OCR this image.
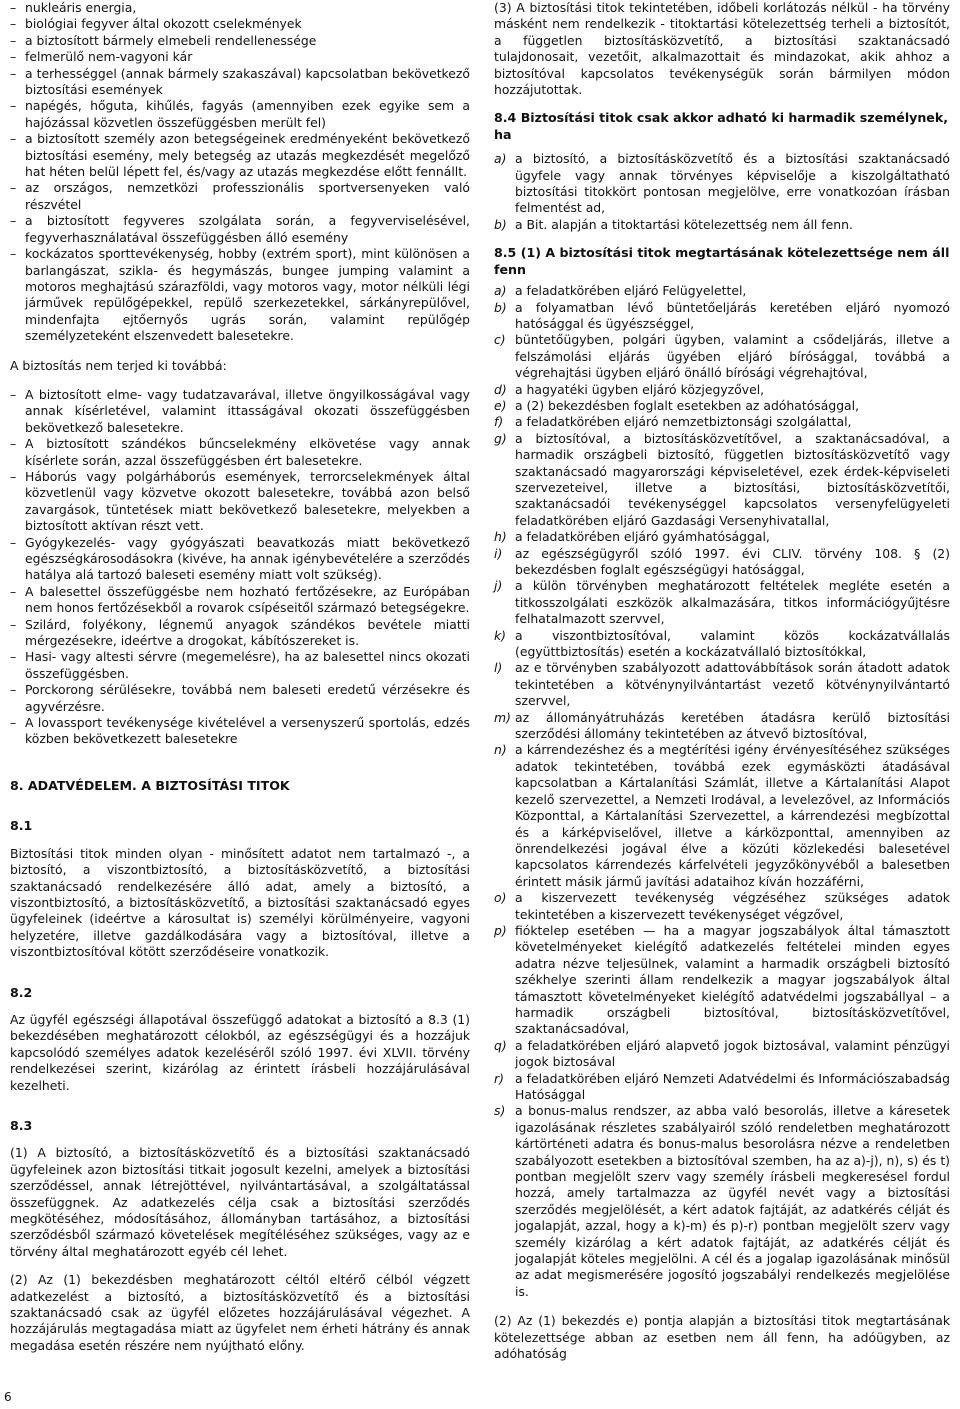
– nukleáris energia,

– biológiai fegyver által okozott cselekmények

– a biztosított bármely elmebeli rendellenessége

– felmerülő nem-vagyoni kár

– a terhességgel (annak bármely szakaszával) kapcsolatban bekövetkező biztosítási események

– napégés, hőguta, kihűlés, fagyás (amennyiben ezek egyike sem a hajózással közvetlen összefüggésben merült fel)

– a biztosított személy azon betegségeinek eredményeként bekövetkező biztosítási esemény, mely betegség az utazás megkezdését megelőző hat héten belül lépett fel, és/vagy az utazás megkezdése előtt fennállt.

– az országos, nemzetközi professzionális sportversenyeken való részvétel

– a biztosított fegyveres szolgálata során, a fegyverviselésével, fegyverhasználatával összefüggésben álló esemény

– kockázatos sporttevékenység, hobby (extrém sport), mint különösen a barlangászat, szikla- és hegymászás, bungee jumping valamint a motoros meghajtású szárazföldi, vagy motoros vagy, motor nélküli légi járművek repülőgépekkel, repülő szerkezetekkel, sárkányrepülővel, mindenfajta ejtőernyős ugrás során, valamint repülőgép személyzeteként elszenvedett balesetekre.

A biztosítás nem terjed ki továbbá:

– A biztosított elme- vagy tudatzavarával, illetve öngyilkosságával vagy annak kísérletével, valamint ittasságával okozati összefüggésben bekövetkező balesetekre.

– A biztosított szándékos bűncselekmény elkövetése vagy annak kísérlete során, azzal összefüggésben ért balesetekre.

– Háborús vagy polgárháborús események, terrorcselekmények által közvetlenül vagy közvetve okozott balesetekre, továbbá azon belső zavargások, tüntetések miatt bekövetkező balesetekre, melyekben a biztosított aktívan részt vett.

– Gyógykezelés- vagy gyógyászati beavatkozás miatt bekövetkező egészségkárosodásokra (kivéve, ha annak igénybevételére a szerződés hatálya alá tartozó baleseti esemény miatt volt szükség).

– A balesettel összefüggésbe nem hozható fertőzésekre, az Európában nem honos fertőzésekből a rovarok csípéseitől származó betegségekre.

– Szilárd, folyékony, légnemű anyagok szándékos bevétele miatti mérgezésekre, ideértve a drogokat, kábítószereket is.

– Hasi- vagy altesti sérvre (megemelésre), ha az balesettel nincs okozati összefüggésben.

– Porckorong sérülésekre, továbbá nem baleseti eredetű vérzésekre és agyvérzésre.

– A lovassport tevékenysége kivételével a versenyszerű sportolás, edzés közben bekövetkezett balesetekre

8. ADATVÉDELEM. A BIZTOSÍTÁSI TITOK
8.1

Biztosítási titok minden olyan - minősített adatot nem tartalmazó -, a biztosító, a viszontbiztosító, a biztosításközvetítő, a biztosítási szaktanácsadó rendelkezésére álló adat, amely a biztosító, a viszontbiztosító, a biztosításközvetítő, a biztosítási szaktanácsadó egyes ügyfeleinek (ideértve a károsultat is) személyi körülményeire, vagyoni helyzetére, illetve gazdálkodására vagy a biztosítóval, illetve a viszontbiztosítóval kötött szerződéseire vonatkozik.

8.2

Az ügyfél egészségi állapotával összefüggő adatokat a biztosító a 8.3 (1) bekezdésében meghatározott célokból, az egészségügyi és a hozzájuk kapcsolódó személyes adatok kezeléséről szóló 1997. évi XLVII. törvény rendelkezései szerint, kizárólag az érintett írásbeli hozzájárulásával kezelheti.

8.3

(1) A biztosító, a biztosításközvetítő és a biztosítási szaktanácsadó ügyfeleinek azon biztosítási titkait jogosult kezelni, amelyek a biztosítási szerződéssel, annak létrejöttével, nyilvántartásával, a szolgáltatással összefüggnek. Az adatkezelés célja csak a biztosítási szerződés megkötéséhez, módosításához, állományban tartásához, a biztosítási szerződésből származó követelések megítéléséhez szükséges, vagy az e törvény által meghatározott egyéb cél lehet.

(2) Az (1) bekezdésben meghatározott céltól eltérő célból végzett adatkezelést a biztosító, a biztosításközvetítő és a biztosítási szaktanácsadó csak az ügyfél előzetes hozzájárulásával végezhet. A hozzájárulás megtagadása miatt az ügyfelet nem érheti hátrány és annak megadása esetén részére nem nyújtható előny.

(3) A biztosítási titok tekintetében, időbeli korlátozás nélkül - ha törvény másként nem rendelkezik - titoktartási kötelezettség terheli a biztosítót, a független biztosításközvetítő, a biztosítási szaktanácsadó tulajdonosait, vezetőit, alkalmazottait és mindazokat, akik ahhoz a biztosítóval kapcsolatos tevékenységük során bármilyen módon hozzájutottak.

8.4 Biztosítási titok csak akkor adható ki harmadik személynek, ha
a) a biztosító, a biztosításközvetítő és a biztosítási szaktanácsadó ügyfele vagy annak törvényes képviselője a kiszolgáltatható biztosítási titokkört pontosan megjelölve, erre vonatkozóan írásban felmentést ad,
b) a Bit. alapján a titoktartási kötelezettség nem áll fenn.
8.5 (1) A biztosítási titok megtartásának kötelezettsége nem áll fenn
a) a feladatkörében eljáró Felügyelettel,
b) a folyamatban lévő büntetőeljárás keretében eljáró nyomozó hatósággal és ügyészséggel,
c) büntetőügyben, polgári ügyben, valamint a csődeljárás, illetve a felszámolási eljárás ügyében eljáró bírósággal, továbbá a végrehajtási ügyben eljáró önálló bírósági végrehajtóval,
d) a hagyatéki ügyben eljáró közjegyzővel,
e) a (2) bekezdésben foglalt esetekben az adóhatósággal,
f) a feladatkörében eljáró nemzetbiztonsági szolgálattal,
g) a biztosítóval, a biztosításközvetítővel, a szaktanácsadóval, a harmadik országbeli biztosító, független biztosításközvetítő vagy szaktanácsadó magyarországi képviseletével, ezek érdek-képviseleti szervezeteivel, illetve a biztosítási, biztosításközvetítői, szaktanácsadói tevékenységgel kapcsolatos versenyfelügyeleti feladatkörében eljáró Gazdasági Versenyhivatallal,
h) a feladatkörében eljáró gyámhatósággal,
i)	az egészségügyről szóló 1997. évi CLIV. törvény 108. § (2) bekezdésben foglalt egészségügyi hatósággal,
j)	a külön törvényben meghatározott feltételek megléte esetén a titkosszolgálati eszközök alkalmazására, titkos információgyűjtésre felhatalmazott szervvel,
k) a viszontbiztosítóval, valamint közös kockázatvállalás (együttbiztosítás) esetén a kockázatvállaló biztosítókkal,
l)	az e törvényben szabályozott adattovábbítások során átadott adatok tekintetében a kötvénynyilvántartást vezető kötvénynyilvántartó szervvel,
m) az állományátruházás keretében átadásra kerülő biztosítási szerződési állomány tekintetében az átvevő biztosítóval,
n) a kárrendezéshez és a megtérítési igény érvényesítéséhez szükséges adatok tekintetében, továbbá ezek egymásközti átadásával kapcsolatban a Kártalanítási Számlát, illetve a Kártalanítási Alapot kezelő szervezettel, a Nemzeti Irodával, a levelezővel, az Információs Központtal, a Kártalanítási Szervezettel, a kárrendezési megbízottal és a kárképviselővel, illetve a kárközponttal, amennyiben az önrendelkezési jogával élve a közúti közlekedési balesetével kapcsolatos kárrendezés kárfelvételi jegyzőkönyvéből a balesetben érintett másik jármű javítási adataihoz kíván hozzáférni,
o) a kiszervezett tevékenység végzéséhez szükséges adatok tekintetében a kiszervezett tevékenységet végzővel,
p) fióktelep esetében — ha a magyar jogszabályok által támasztott követelményeket kielégítő adatkezelés feltételei minden egyes adatra nézve teljesülnek, valamint a harmadik országbeli biztosító székhelye szerinti állam rendelkezik a magyar jogszabályok által támasztott követelményeket kielégítő adatvédelmi jogszabállyal – a harmadik országbeli biztosítóval, biztosításközvetítővel, szaktanácsadóval,
q) a feladatkörében eljáró alapvető jogok biztosával, valamint pénzügyi jogok biztosával
r) a feladatkörében eljáró Nemzeti Adatvédelmi és Információszabadság Hatósággal
s) a bonus-malus rendszer, az abba való besorolás, illetve a káresetek igazolásának részletes szabályairól szóló rendeletben meghatározott kártörténeti adatra és bonus-malus besorolásra nézve a rendeletben szabályozott esetekben a biztosítóval szemben, ha az a)-j), n), s) és t) pontban megjelölt szerv vagy személy írásbeli megkeresésel fordul hozzá, amely tartalmazza az ügyfél nevét vagy a biztosítási szerződés megjelölését, a kért adatok fajtáját, az adatkérés célját és jogalapját, azzal, hogy a k)-m) és p)-r) pontban megjelölt szerv vagy személy kizárólag a kért adatok fajtáját, az adatkérés célját és jogalapját köteles megjelölni. A cél és a jogalap igazolásának minősül az adat megismerésére jogosító jogszabályi rendelkezés megjelölése is.

(2) Az (1) bekezdés e) pontja alapján a biztosítási titok megtartásának kötelezettsége abban az esetben nem áll fenn, ha adóügyben, az adóhatóság

6
